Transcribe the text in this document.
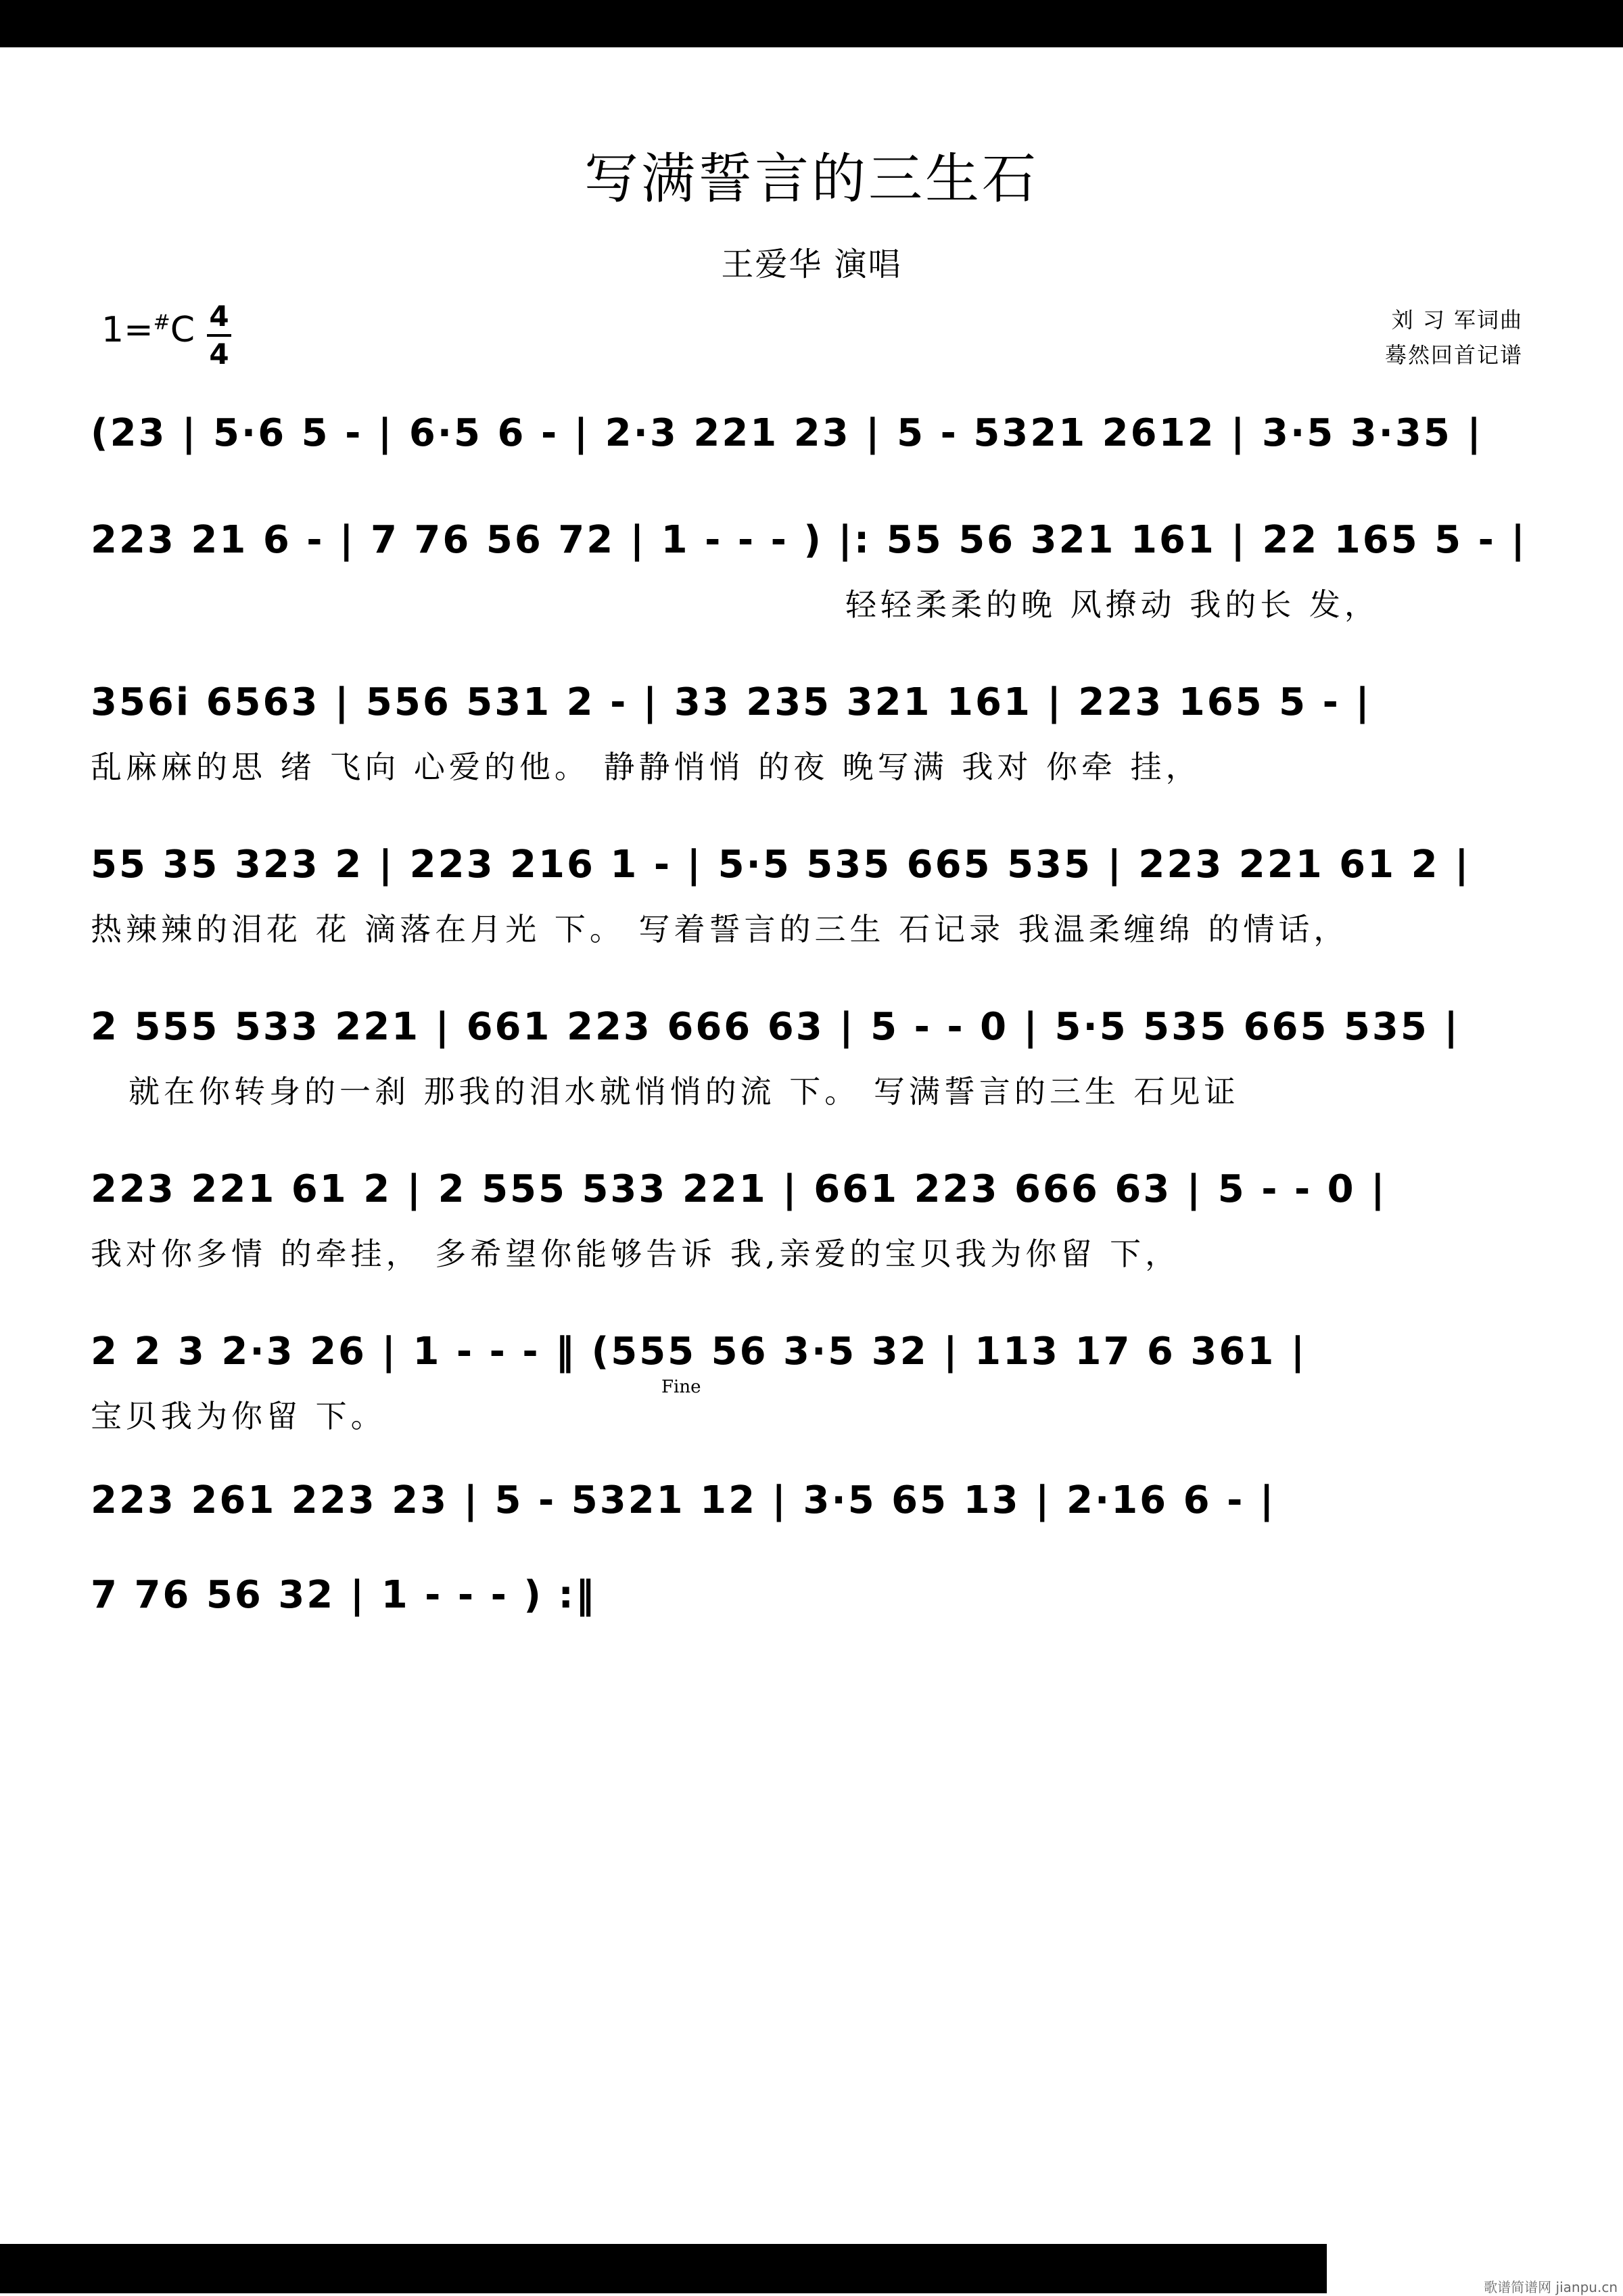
写满誓言的三生石
王爱华 演唱
1=#C 4
4
刘 习 军词曲
蓦然回首记谱
(23 | 5·6 5 - | 6·5 6 - | 2·3 221 23 | 5 - 5321 2612 | 3·5 3·35 |
223 21 6 - | 7 76 56 72 | 1 - - - ) |: 55 56 321 161 | 22 165 5 - |
轻轻柔柔的晚 风撩动 我的长 发，
356i 6563 | 556 531 2 - | 33 235 321 161 | 223 165 5 - |
乱麻麻的思 绪 飞向 心爱的他。 静静悄悄 的夜 晚写满 我对 你牵 挂，
55 35 323 2 | 223 216 1 - | 5·5 535 665 535 | 223 221 61 2 |
热辣辣的泪花 花 滴落在月光 下。 写着誓言的三生 石记录 我温柔缠绵 的情话，
2 555 533 221 | 661 223 666 63 | 5 - - 0 | 5·5 535 665 535 |
就在你转身的一刹 那我的泪水就悄悄的流 下。 写满誓言的三生 石见证
223 221 61 2 | 2 555 533 221 | 661 223 666 63 | 5 - - 0 |
我对你多情 的牵挂， 多希望你能够告诉 我,亲爱的宝贝我为你留 下，
2 2 3 2·3 26 | 1 - - - ‖ (555 56 3·5 32 | 113 17 6 361 |
Fine
宝贝我为你留 下。
223 261 223 23 | 5 - 5321 12 | 3·5 65 13 | 2·16 6 - |
7 76 56 32 | 1 - - - ) :‖
歌谱简谱网 jianpu.cn
